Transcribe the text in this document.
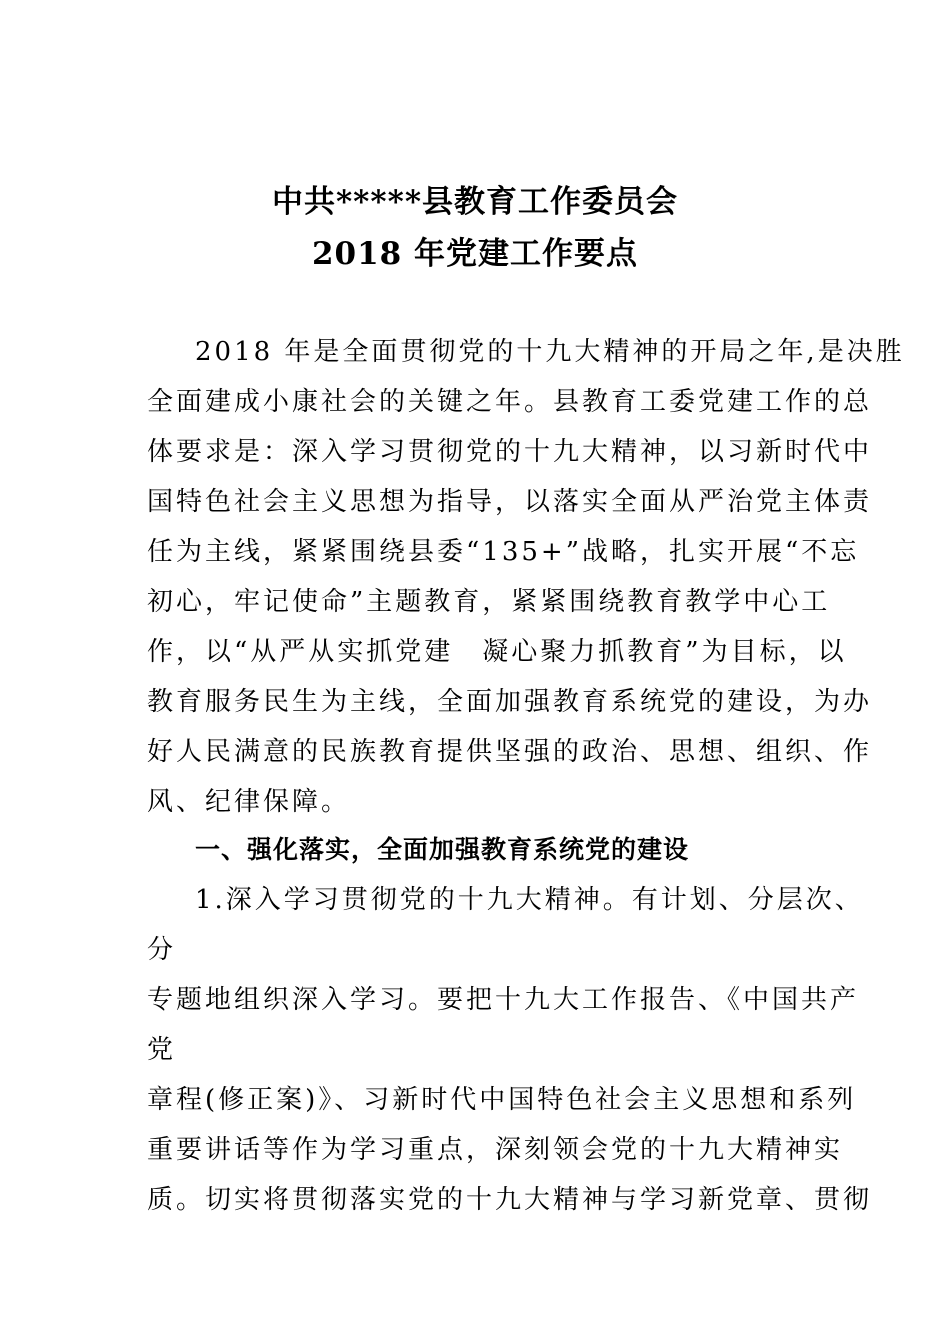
中共*****县教育工作委员会
2018 年党建工作要点
2018 年是全面贯彻党的十九大精神的开局之年,是决胜
全面建成小康社会的关键之年。县教育工委党建工作的总
体要求是：深入学习贯彻党的十九大精神，以习新时代中
国特色社会主义思想为指导，以落实全面从严治党主体责
任为主线，紧紧围绕县委“135+”战略，扎实开展“不忘
初心，牢记使命”主题教育，紧紧围绕教育教学中心工
作，以“从严从实抓党建　凝心聚力抓教育”为目标，以
教育服务民生为主线，全面加强教育系统党的建设，为办
好人民满意的民族教育提供坚强的政治、思想、组织、作
风、纪律保障。
一、强化落实，全面加强教育系统党的建设
1.深入学习贯彻党的十九大精神。有计划、分层次、
分
专题地组织深入学习。要把十九大工作报告、《中国共产
党
章程(修正案)》、习新时代中国特色社会主义思想和系列
重要讲话等作为学习重点，深刻领会党的十九大精神实
质。切实将贯彻落实党的十九大精神与学习新党章、贯彻
